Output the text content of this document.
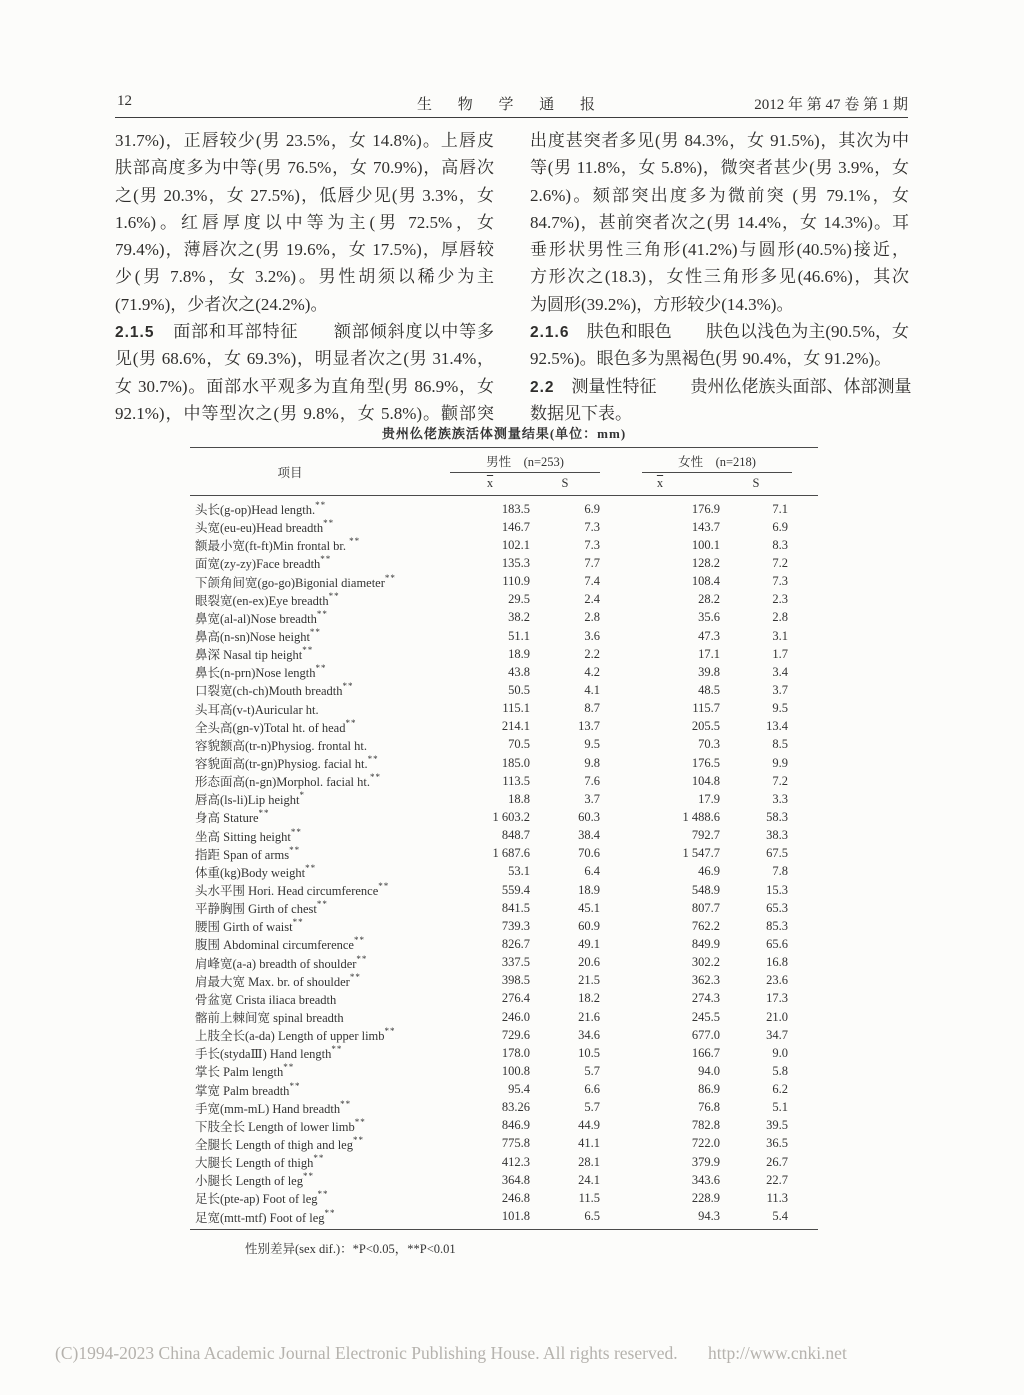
12	生 物 学 通 报	2012 年 第 47 卷 第 1 期
31.7%)，正唇较少(男 23.5%，女 14.8%)。上唇皮
肤部高度多为中等(男 76.5%，女 70.9%)，高唇次
之(男 20.3%，女 27.5%)，低唇少见(男 3.3%，女
1.6%)。红唇厚度以中等为主(男 72.5%，女
79.4%)，薄唇次之(男 19.6%，女 17.5%)，厚唇较
少(男 7.8%，女 3.2%)。男性胡须以稀少为主
(71.9%)，少者次之(24.2%)。
2.1.5　面部和耳部特征　　额部倾斜度以中等多
见(男 68.6%，女 69.3%)，明显者次之(男 31.4%，
女 30.7%)。面部水平观多为直角型(男 86.9%，女
92.1%)，中等型次之(男 9.8%，女 5.8%)。颧部突
出度甚突者多见(男 84.3%，女 91.5%)，其次为中
等(男 11.8%，女 5.8%)，微突者甚少(男 3.9%，女
2.6%)。颏部突出度多为微前突 (男 79.1%，女
84.7%)，甚前突者次之(男 14.4%，女 14.3%)。耳
垂形状男性三角形(41.2%)与圆形(40.5%)接近，
方形次之(18.3)，女性三角形多见(46.6%)，其次
为圆形(39.2%)，方形较少(14.3%)。
2.1.6　肤色和眼色　　肤色以浅色为主(90.5%，女
92.5%)。眼色多为黑褐色(男 90.4%，女 91.2%)。
2.2　测量性特征　　贵州仫佬族头面部、体部测量
数据见下表。
贵州仫佬族族活体测量结果(单位：mm)
项目
男性　(n=253)	女性　(n=218)
$\overline{x}$	S	$\overline{x}$	S
头长(g-op)Head length.**	183.5	6.9	176.9	7.1
头宽(eu-eu)Head breadth**	146.7	7.3	143.7	6.9
额最小宽(ft-ft)Min frontal br. **	102.1	7.3	100.1	8.3
面宽(zy-zy)Face breadth**	135.3	7.7	128.2	7.2
下颌角间宽(go-go)Bigonial diameter**	110.9	7.4	108.4	7.3
眼裂宽(en-ex)Eye breadth**	29.5	2.4	28.2	2.3
鼻宽(al-al)Nose breadth**	38.2	2.8	35.6	2.8
鼻高(n-sn)Nose height**	51.1	3.6	47.3	3.1
鼻深 Nasal tip height**	18.9	2.2	17.1	1.7
鼻长(n-prn)Nose length**	43.8	4.2	39.8	3.4
口裂宽(ch-ch)Mouth breadth**	50.5	4.1	48.5	3.7
头耳高(v-t)Auricular ht.	115.1	8.7	115.7	9.5
全头高(gn-v)Total ht. of head**	214.1	13.7	205.5	13.4
容貌额高(tr-n)Physiog. frontal ht.	70.5	9.5	70.3	8.5
容貌面高(tr-gn)Physiog. facial ht.**	185.0	9.8	176.5	9.9
形态面高(n-gn)Morphol. facial ht.**	113.5	7.6	104.8	7.2
唇高(ls-li)Lip height*	18.8	3.7	17.9	3.3
身高 Stature**	1 603.2	60.3	1 488.6	58.3
坐高 Sitting height**	848.7	38.4	792.7	38.3
指距 Span of arms**	1 687.6	70.6	1 547.7	67.5
体重(kg)Body weight**	53.1	6.4	46.9	7.8
头水平围 Hori. Head circumference**	559.4	18.9	548.9	15.3
平静胸围 Girth of chest**	841.5	45.1	807.7	65.3
腰围 Girth of waist**	739.3	60.9	762.2	85.3
腹围 Abdominal circumference**	826.7	49.1	849.9	65.6
肩峰宽(a-a) breadth of shoulder**	337.5	20.6	302.2	16.8
肩最大宽 Max. br. of shoulder**	398.5	21.5	362.3	23.6
骨盆宽 Crista iliaca breadth	276.4	18.2	274.3	17.3
髂前上棘间宽 spinal breadth	246.0	21.6	245.5	21.0
上肢全长(a-da) Length of upper limb**	729.6	34.6	677.0	34.7
手长(stydaⅢ) Hand length**	178.0	10.5	166.7	9.0
掌长 Palm length**	100.8	5.7	94.0	5.8
掌宽 Palm breadth**	95.4	6.6	86.9	6.2
手宽(mm-mL) Hand breadth**	83.26	5.7	76.8	5.1
下肢全长 Length of lower limb**	846.9	44.9	782.8	39.5
全腿长 Length of thigh and leg**	775.8	41.1	722.0	36.5
大腿长 Length of thigh**	412.3	28.1	379.9	26.7
小腿长 Length of leg**	364.8	24.1	343.6	22.7
足长(pte-ap) Foot of leg**	246.8	11.5	228.9	11.3
足宽(mtt-mtf) Foot of leg**	101.8	6.5	94.3	5.4
性别差异(sex dif.)：*P<0.05，**P<0.01
(C)1994-2023 China Academic Journal Electronic Publishing House. All rights reserved. http://www.cnki.net
